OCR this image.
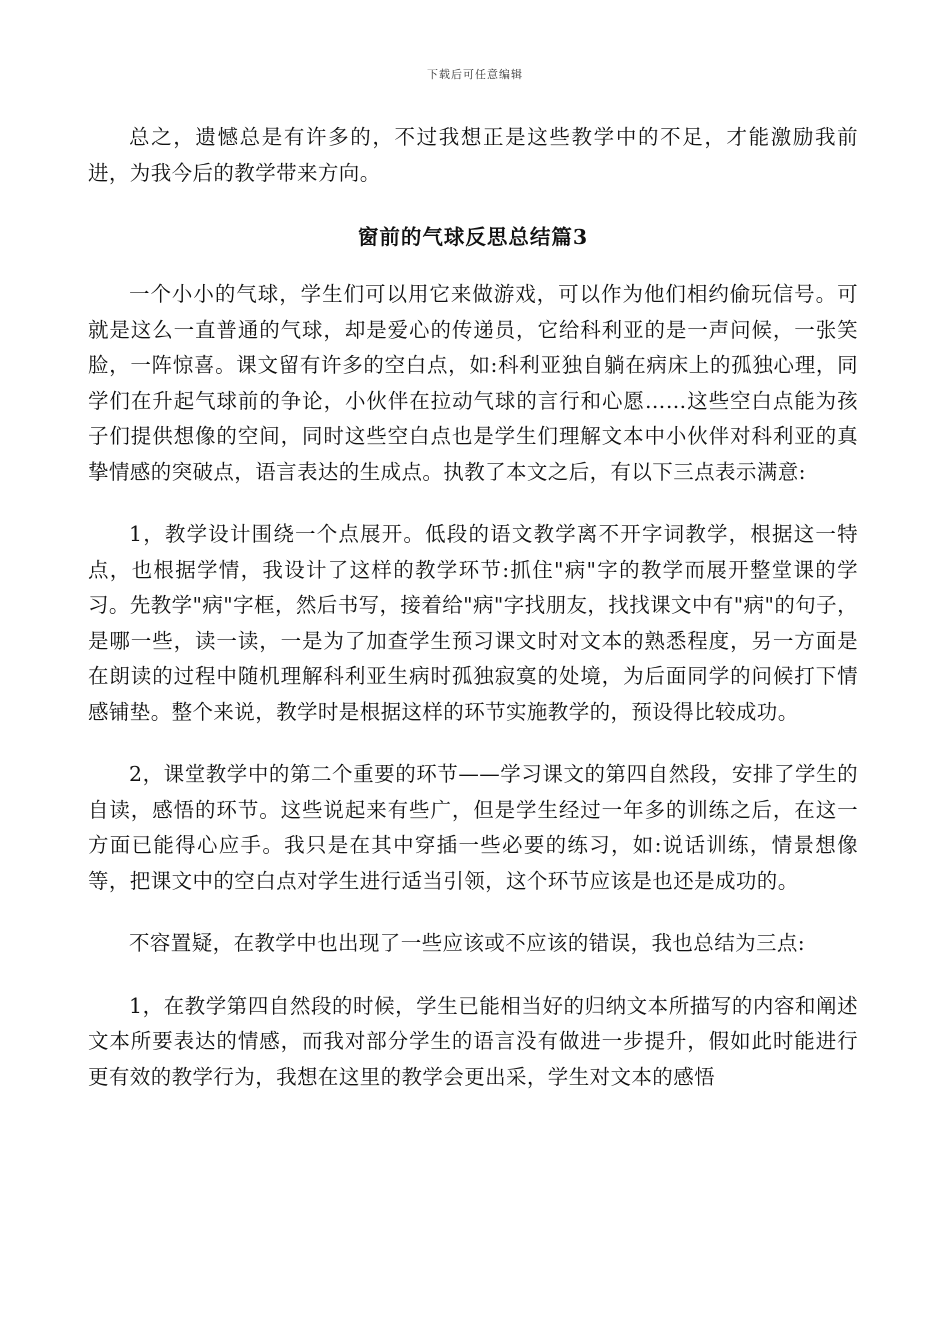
下载后可任意编辑

总之，遗憾总是有许多的，不过我想正是这些教学中的不足，才能激励我前进，为我今后的教学带来方向。

窗前的气球反思总结篇3

一个小小的气球，学生们可以用它来做游戏，可以作为他们相约偷玩信号。可就是这么一直普通的气球，却是爱心的传递员，它给科利亚的是一声问候，一张笑脸，一阵惊喜。课文留有许多的空白点，如:科利亚独自躺在病床上的孤独心理，同学们在升起气球前的争论，小伙伴在拉动气球的言行和心愿……这些空白点能为孩子们提供想像的空间，同时这些空白点也是学生们理解文本中小伙伴对科利亚的真挚情感的突破点，语言表达的生成点。执教了本文之后，有以下三点表示满意:

1，教学设计围绕一个点展开。低段的语文教学离不开字词教学，根据这一特点，也根据学情，我设计了这样的教学环节:抓住"病"字的教学而展开整堂课的学习。先教学"病"字框，然后书写，接着给"病"字找朋友，找找课文中有"病"的句子，是哪一些，读一读，一是为了加查学生预习课文时对文本的熟悉程度，另一方面是在朗读的过程中随机理解科利亚生病时孤独寂寞的处境，为后面同学的问候打下情感铺垫。整个来说，教学时是根据这样的环节实施教学的，预设得比较成功。

2，课堂教学中的第二个重要的环节——学习课文的第四自然段，安排了学生的自读，感悟的环节。这些说起来有些广，但是学生经过一年多的训练之后，在这一方面已能得心应手。我只是在其中穿插一些必要的练习，如:说话训练，情景想像等，把课文中的空白点对学生进行适当引领，这个环节应该是也还是成功的。

不容置疑，在教学中也出现了一些应该或不应该的错误，我也总结为三点:

1，在教学第四自然段的时候，学生已能相当好的归纳文本所描写的内容和阐述文本所要表达的情感，而我对部分学生的语言没有做进一步提升，假如此时能进行更有效的教学行为，我想在这里的教学会更出采，学生对文本的感悟
